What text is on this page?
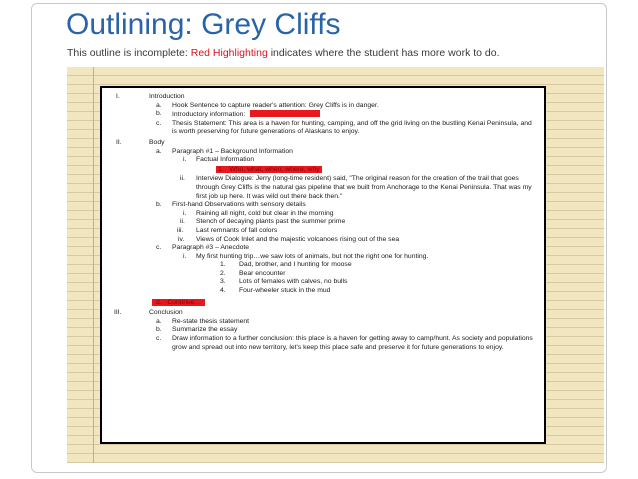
Outlining: Grey Cliffs

This outline is incomplete: Red Highlighting indicates where the student has more work to do.

I.	Introduction
a. Hook Sentence to capture reader's attention: Grey Cliffs is in danger.
b. Introductory information:
c. Thesis Statement: This area is a haven for hunting, camping, and off the grid living on the bustling Kenai Peninsula, and is worth preserving for future generations of Alaskans to enjoy.
II.	Body
a. Paragraph #1 – Background Information
i. Factual Information
1. Who, what, when, where, why
ii. Interview Dialogue: Jerry (long-time resident) said, "The original reason for the creation of the trail that goes through Grey Cliffs is the natural gas pipeline that we built from Anchorage to the Kenai Peninsula. That was my first job up here. It was wild out there back then."
b. First-hand Observations with sensory details
i. Raining all night, cold but clear in the morning
ii. Stench of decaying plants past the summer prime
iii. Last remnants of fall colors
iv. Views of Cook Inlet and the majestic volcanoes rising out of the sea
c. Paragraph #3 – Anecdote
i. My first hunting trip…we saw lots of animals, but not the right one for hunting.
1. Dad, brother, and I hunting for moose
2. Bear encounter
3. Lots of females with calves, no bulls
4. Four-wheeler stuck in the mud
d. Continue…
III.	Conclusion
a. Re-state thesis statement
b. Summarize the essay
c. Draw information to a further conclusion: this place is a haven for getting away to camp/hunt. As society and populations grow and spread out into new territory, let's keep this place safe and preserve it for future generations to enjoy.
